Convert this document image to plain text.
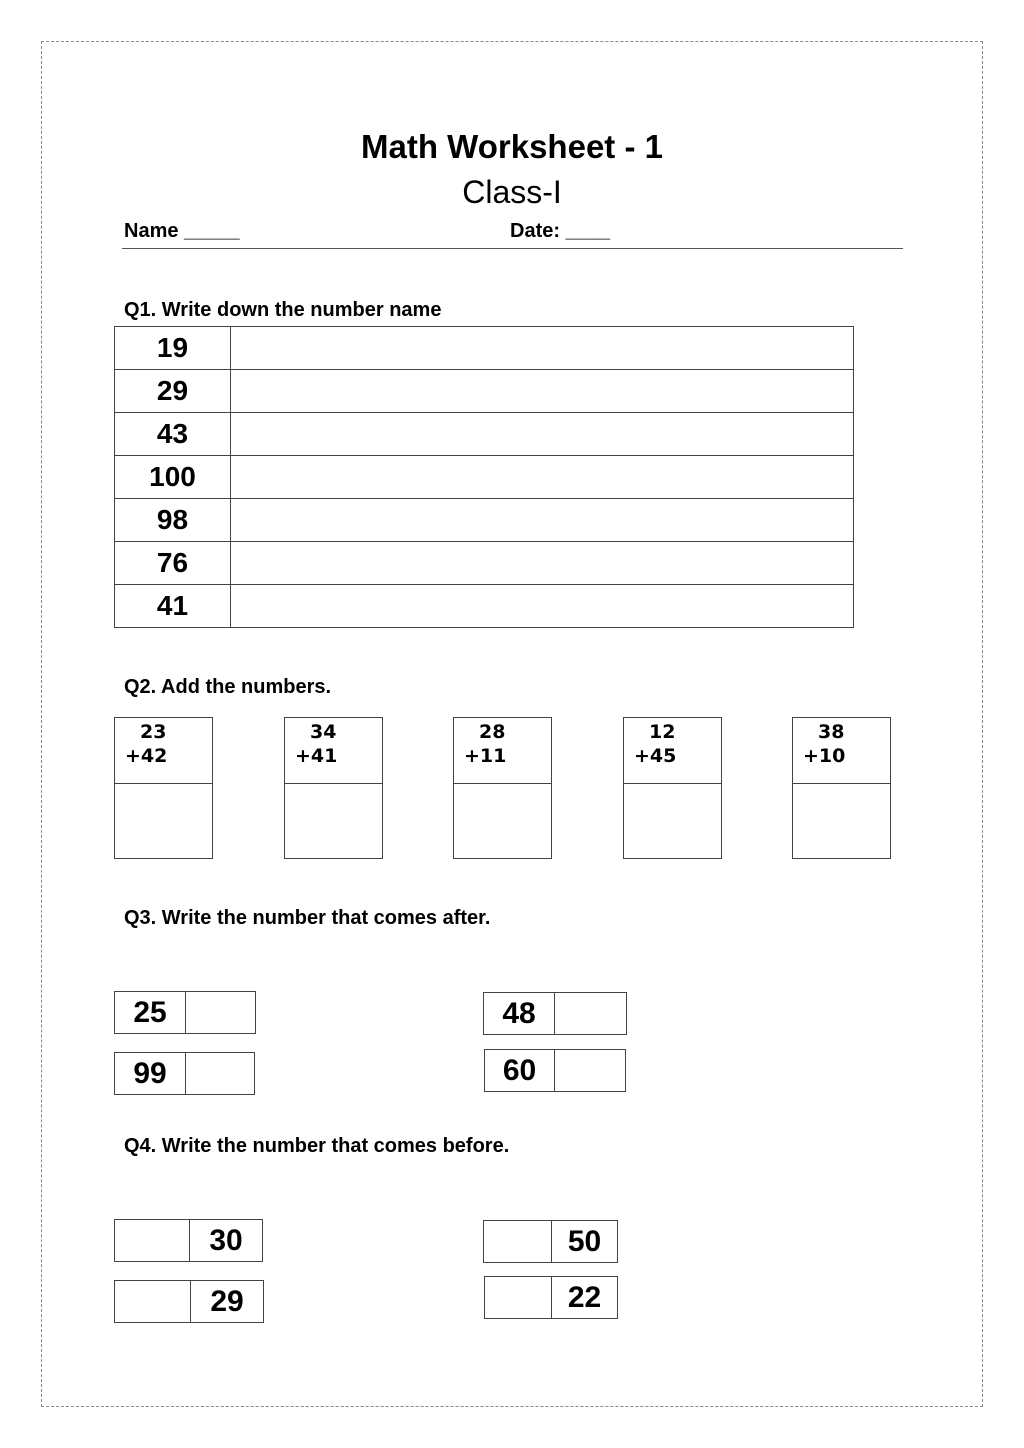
Math Worksheet - 1
Class-I
Name _____	Date: ____
Q1. Write down the number name
19	
29	
43	
100	
98	
76	
41	
Q2. Add the numbers.
23
+42
34
+41
28
+11
12
+45
38
+10
Q3. Write the number that comes after.
25	48
99	60
Q4. Write the number that comes before.
30	50
29	22
